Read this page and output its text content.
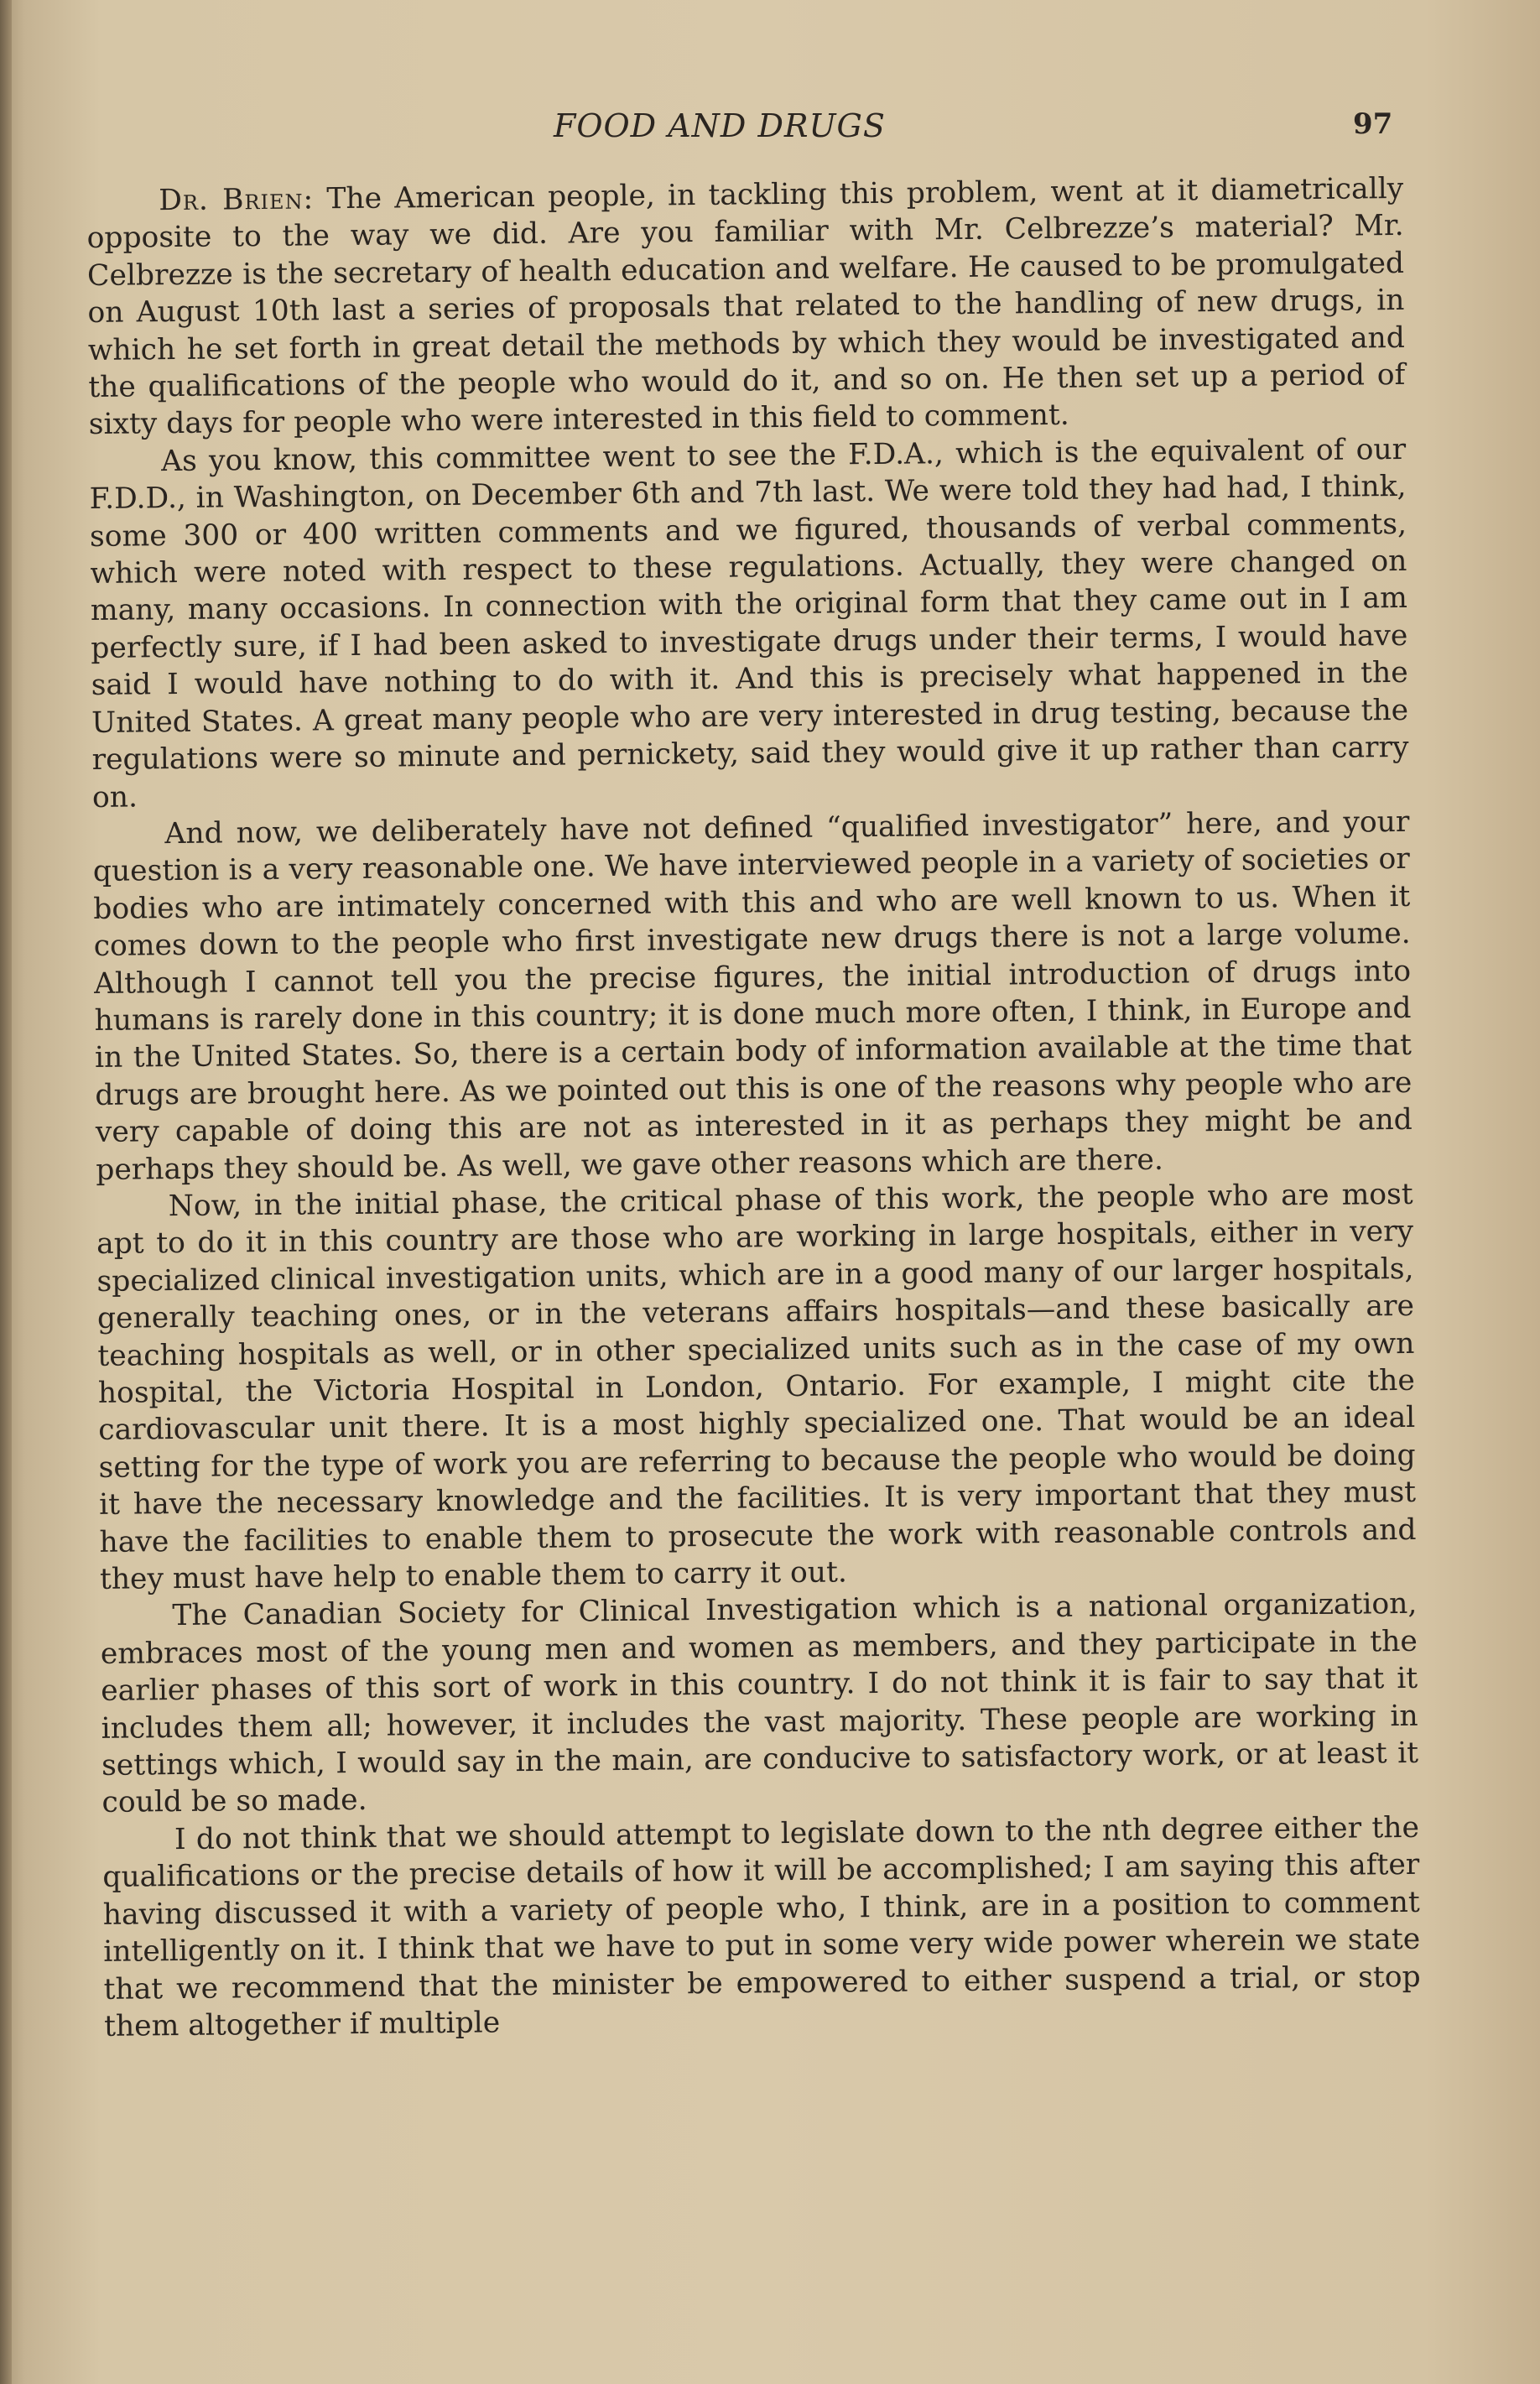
FOOD AND DRUGS	97

Dr. Brien: The American people, in tackling this problem, went at it diametrically opposite to the way we did. Are you familiar with Mr. Celbrezze’s material? Mr. Celbrezze is the secretary of health education and welfare. He caused to be promulgated on August 10th last a series of proposals that related to the handling of new drugs, in which he set forth in great detail the methods by which they would be investigated and the qualifications of the people who would do it, and so on. He then set up a period of sixty days for people who were interested in this field to comment.

As you know, this committee went to see the F.D.A., which is the equivalent of our F.D.D., in Washington, on December 6th and 7th last. We were told they had had, I think, some 300 or 400 written comments and we figured, thousands of verbal comments, which were noted with respect to these regulations. Actually, they were changed on many, many occasions. In connection with the original form that they came out in I am perfectly sure, if I had been asked to investigate drugs under their terms, I would have said I would have nothing to do with it. And this is precisely what happened in the United States. A great many people who are very interested in drug testing, because the regulations were so minute and pernickety, said they would give it up rather than carry on.

And now, we deliberately have not defined “qualified investigator” here, and your question is a very reasonable one. We have interviewed people in a variety of societies or bodies who are intimately concerned with this and who are well known to us. When it comes down to the people who first investigate new drugs there is not a large volume. Although I cannot tell you the precise figures, the initial introduction of drugs into humans is rarely done in this country; it is done much more often, I think, in Europe and in the United States. So, there is a certain body of information available at the time that drugs are brought here. As we pointed out this is one of the reasons why people who are very capable of doing this are not as interested in it as perhaps they might be and perhaps they should be. As well, we gave other reasons which are there.

Now, in the initial phase, the critical phase of this work, the people who are most apt to do it in this country are those who are working in large hospitals, either in very specialized clinical investigation units, which are in a good many of our larger hospitals, generally teaching ones, or in the veterans affairs hospitals—and these basically are teaching hospitals as well, or in other specialized units such as in the case of my own hospital, the Victoria Hospital in London, Ontario. For example, I might cite the cardiovascular unit there. It is a most highly specialized one. That would be an ideal setting for the type of work you are referring to because the people who would be doing it have the necessary knowledge and the facilities. It is very important that they must have the facilities to enable them to prosecute the work with reasonable controls and they must have help to enable them to carry it out.

The Canadian Society for Clinical Investigation which is a national organization, embraces most of the young men and women as members, and they participate in the earlier phases of this sort of work in this country. I do not think it is fair to say that it includes them all; however, it includes the vast majority. These people are working in settings which, I would say in the main, are conducive to satisfactory work, or at least it could be so made.

I do not think that we should attempt to legislate down to the nth degree either the qualifications or the precise details of how it will be accomplished; I am saying this after having discussed it with a variety of people who, I think, are in a position to comment intelligently on it. I think that we have to put in some very wide power wherein we state that we recommend that the minister be empowered to either suspend a trial, or stop them altogether if multiple
